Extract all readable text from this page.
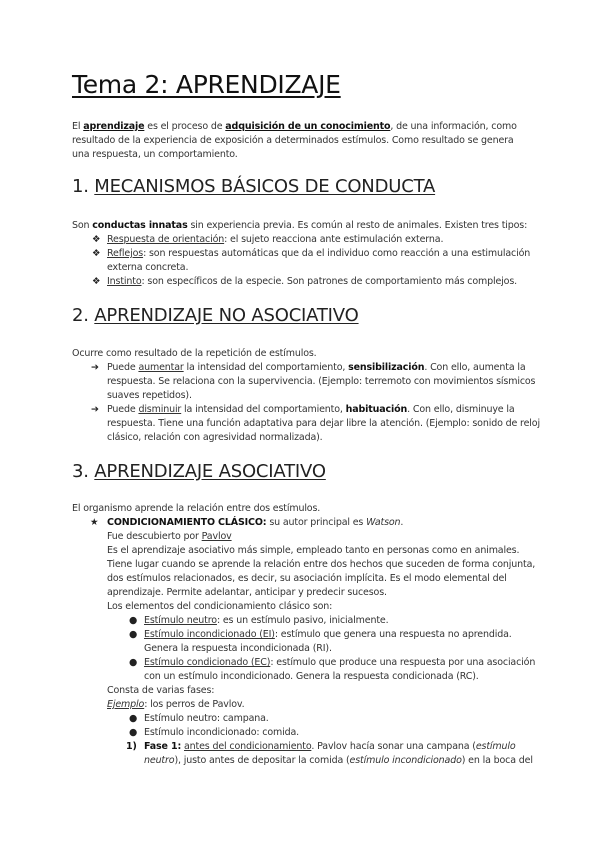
Tema 2: APRENDIZAJE
El aprendizaje es el proceso de adquisición de un conocimiento, de una información, como resultado de la experiencia de exposición a determinados estímulos. Como resultado se genera una respuesta, un comportamiento.
1. MECANISMOS BÁSICOS DE CONDUCTA
Son conductas innatas sin experiencia previa. Es común al resto de animales. Existen tres tipos:
❖ Respuesta de orientación: el sujeto reacciona ante estimulación externa.
❖ Reflejos: son respuestas automáticas que da el individuo como reacción a una estimulación externa concreta.
❖ Instinto: son específicos de la especie. Son patrones de comportamiento más complejos.
2. APRENDIZAJE NO ASOCIATIVO
Ocurre como resultado de la repetición de estímulos.
➔ Puede aumentar la intensidad del comportamiento, sensibilización. Con ello, aumenta la respuesta. Se relaciona con la supervivencia. (Ejemplo: terremoto con movimientos sísmicos suaves repetidos).
➔ Puede disminuir la intensidad del comportamiento, habituación. Con ello, disminuye la respuesta. Tiene una función adaptativa para dejar libre la atención. (Ejemplo: sonido de reloj clásico, relación con agresividad normalizada).
3. APRENDIZAJE ASOCIATIVO
El organismo aprende la relación entre dos estímulos.
★ CONDICIONAMIENTO CLÁSICO: su autor principal es Watson.
Fue descubierto por Pavlov
Es el aprendizaje asociativo más simple, empleado tanto en personas como en animales. Tiene lugar cuando se aprende la relación entre dos hechos que suceden de forma conjunta, dos estímulos relacionados, es decir, su asociación implícita. Es el modo elemental del aprendizaje. Permite adelantar, anticipar y predecir sucesos.
Los elementos del condicionamiento clásico son:
● Estímulo neutro: es un estímulo pasivo, inicialmente.
● Estímulo incondicionado (EI): estímulo que genera una respuesta no aprendida. Genera la respuesta incondicionada (RI).
● Estímulo condicionado (EC): estímulo que produce una respuesta por una asociación con un estímulo incondicionado. Genera la respuesta condicionada (RC).
Consta de varias fases:
Ejemplo: los perros de Pavlov.
● Estímulo neutro: campana.
● Estímulo incondicionado: comida.
1) Fase 1: antes del condicionamiento. Pavlov hacía sonar una campana (estímulo neutro), justo antes de depositar la comida (estímulo incondicionado) en la boca del
